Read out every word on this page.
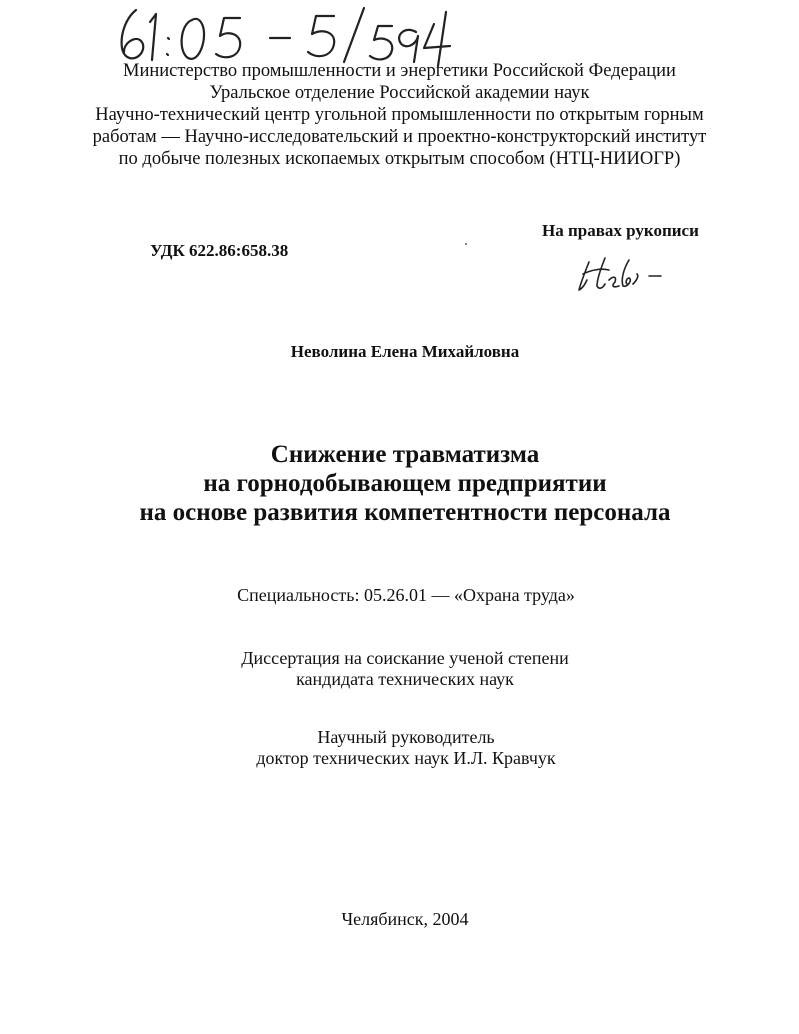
Министерство промышленности и энергетики Российской Федерации
Уральское отделение Российской академии наук
Научно-технический центр угольной промышленности по открытым горным
работам — Научно-исследовательский и проектно-конструкторский институт
по добыче полезных ископаемых открытым способом (НТЦ-НИИОГР)
На правах рукописи
УДК 622.86:658.38
Неволина Елена Михайловна
Снижение травматизма
на горнодобывающем предприятии
на основе развития компетентности персонала
Специальность: 05.26.01 — «Охрана труда»
Диссертация на соискание ученой степени
кандидата технических наук
Научный руководитель
доктор технических наук И.Л. Кравчук
Челябинск, 2004
